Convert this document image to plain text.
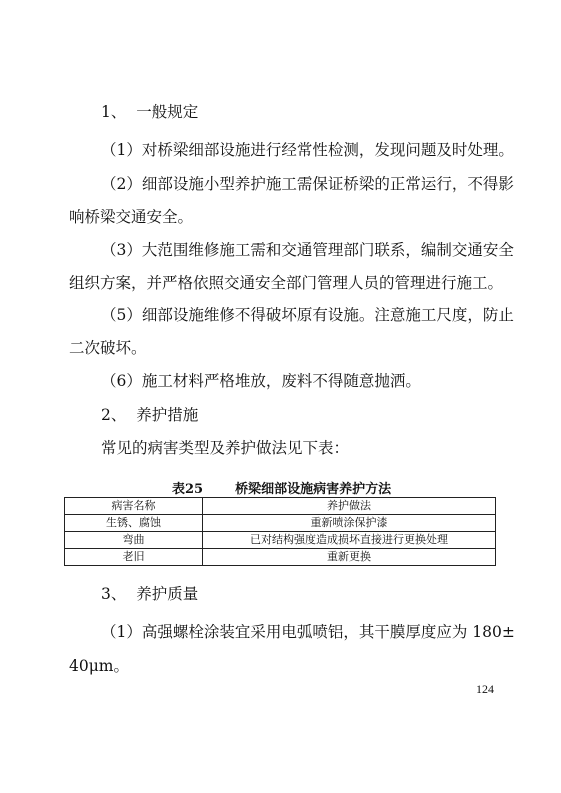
1、 一般规定
（1）对桥梁细部设施进行经常性检测，发现问题及时处理。
（2）细部设施小型养护施工需保证桥梁的正常运行，不得影
响桥梁交通安全。
（3）大范围维修施工需和交通管理部门联系，编制交通安全
组织方案，并严格依照交通安全部门管理人员的管理进行施工。
（5）细部设施维修不得破坏原有设施。注意施工尺度，防止
二次破坏。
（6）施工材料严格堆放，废料不得随意抛洒。
2、 养护措施
常见的病害类型及养护做法见下表：
表25 桥梁细部设施病害养护方法
病害名称	养护做法
生锈、腐蚀	重新喷涂保护漆
弯曲	已对结构强度造成损坏直接进行更换处理
老旧	重新更换
3、 养护质量
（1）高强螺栓涂装宜采用电弧喷铝，其干膜厚度应为 180±
40μm。
124
